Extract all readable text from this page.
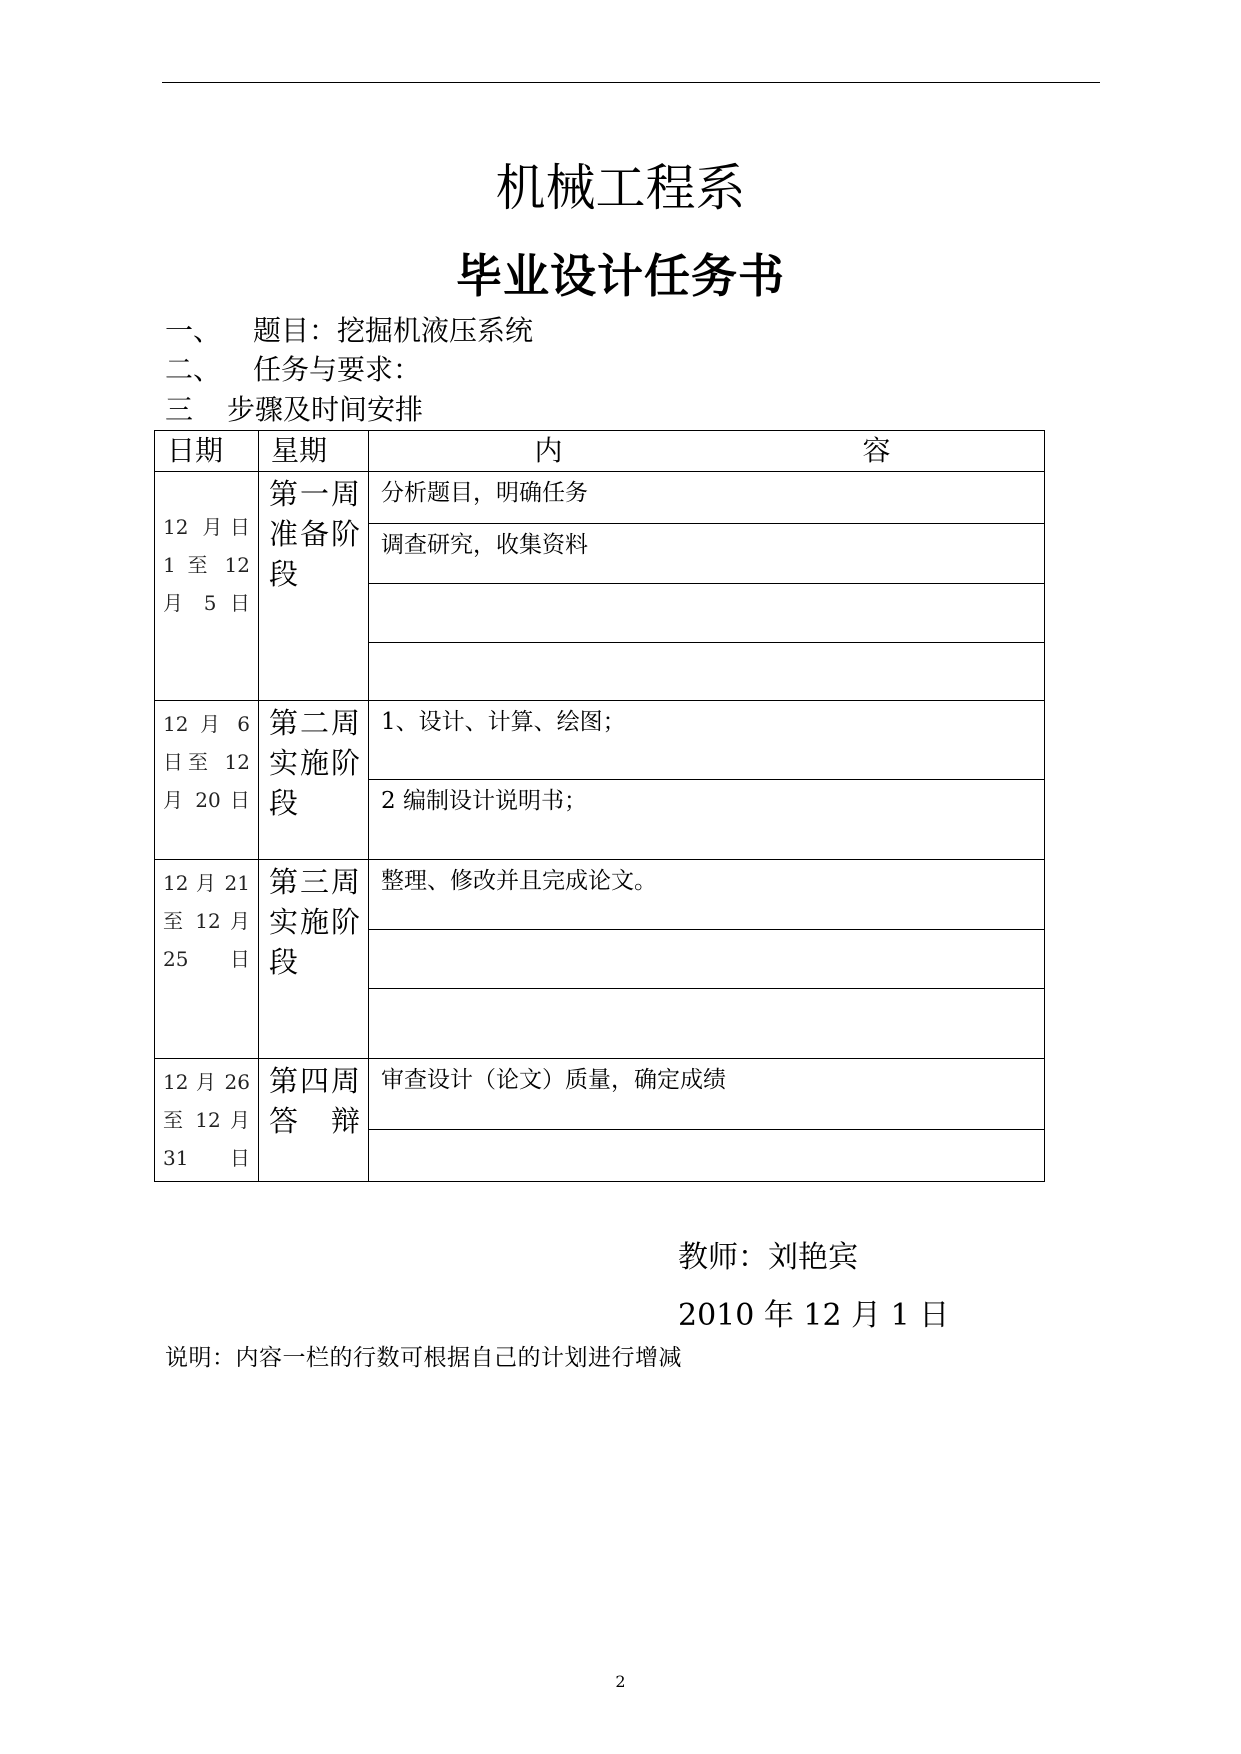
机械工程系
毕业设计任务书
一、 题目：挖掘机液压系统
二、 任务与要求：
三 步骤及时间安排
日期	星期	内 容
12 月日 1 至 12 月 5 日	第一周准备阶段	分析题目，明确任务
		调查研究，收集资料

12 月 6 日至 12 月 20 日	第二周实施阶段	1、设计、计算、绘图；
		2 编制设计说明书；
12 月 21 至 12 月 25 日	第三周实施阶段	整理、修改并且完成论文。

12 月 26 至 12 月 31 日	第四周答辩	审查设计（论文）质量，确定成绩

教师：刘艳宾
2010 年 12 月 1 日
说明：内容一栏的行数可根据自己的计划进行增减
2
